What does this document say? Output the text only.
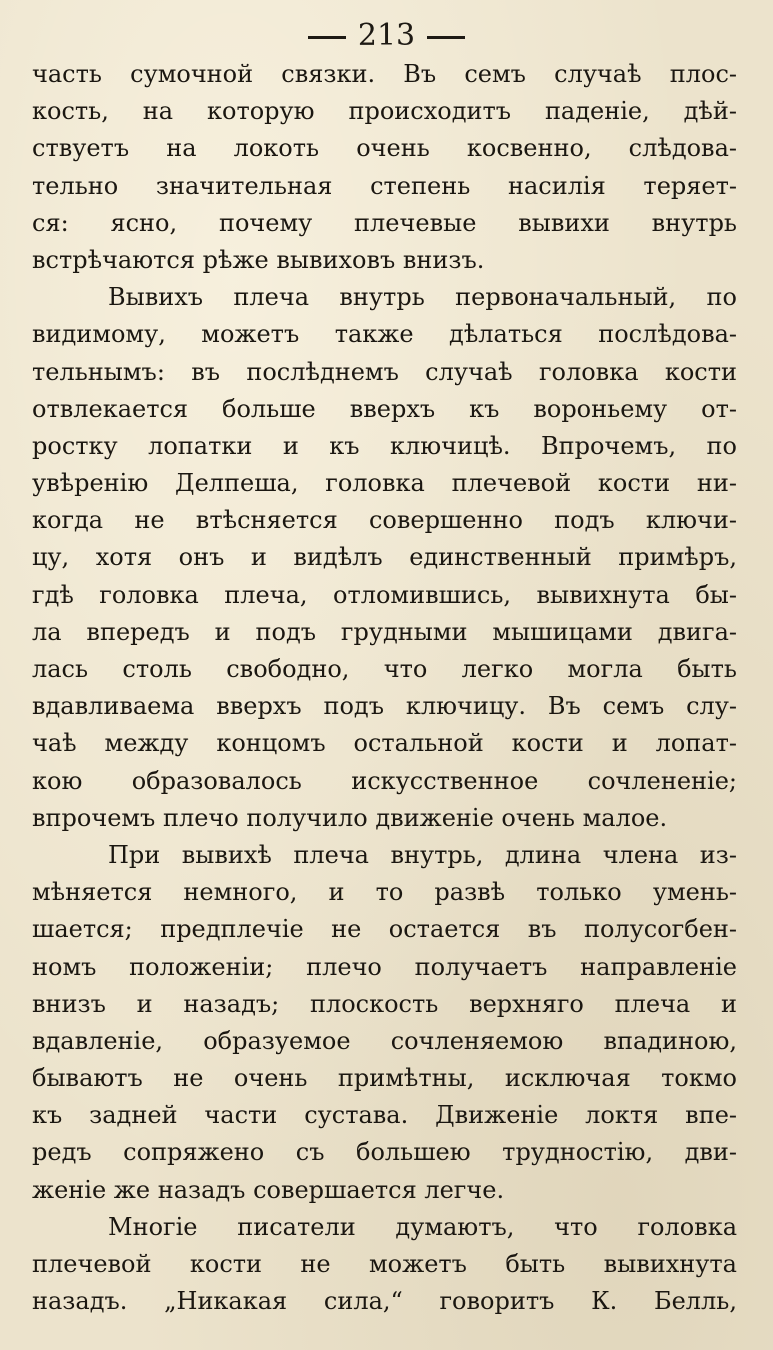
213
часть сумочной связки. Въ семъ случаѣ плос-
кость, на которую происходитъ паденіе, дѣй-
ствуетъ на локоть очень косвенно, слѣдова-
тельно значительная степень насилія теряет-
ся: ясно, почему плечевые вывихи внутрь
встрѣчаются рѣже вывиховъ внизъ.
Вывихъ плеча внутрь первоначальный, по
видимому, можетъ также дѣлаться послѣдова-
тельнымъ: въ послѣднемъ случаѣ головка кости
отвлекается больше вверхъ къ вороньему от-
ростку лопатки и къ ключицѣ. Впрочемъ, по
увѣренію Делпеша, головка плечевой кости ни-
когда не втѣсняется совершенно подъ ключи-
цу, хотя онъ и видѣлъ единственный примѣръ,
гдѣ головка плеча, отломившись, вывихнута бы-
ла впередъ и подъ грудными мышицами двига-
лась столь свободно, что легко могла быть
вдавливаема вверхъ подъ ключицу. Въ семъ слу-
чаѣ между концомъ остальной кости и лопат-
кою образовалось искусственное сочлененіе;
впрочемъ плечо получило движеніе очень малое.
При вывихѣ плеча внутрь, длина члена из-
мѣняется немного, и то развѣ только умень-
шается; предплечіе не остается въ полусогбен-
номъ положеніи; плечо получаетъ направленіе
внизъ и назадъ; плоскость верхняго плеча и
вдавленіе, образуемое сочленяемою впадиною,
бываютъ не очень примѣтны, исключая токмо
къ задней части сустава. Движеніе локтя впе-
редъ сопряжено съ большею трудностію, дви-
женіе же назадъ совершается легче.
Многіе писатели думаютъ, что головка
плечевой кости не можетъ быть вывихнута
назадъ. „Никакая сила,“ говоритъ К. Белль,
